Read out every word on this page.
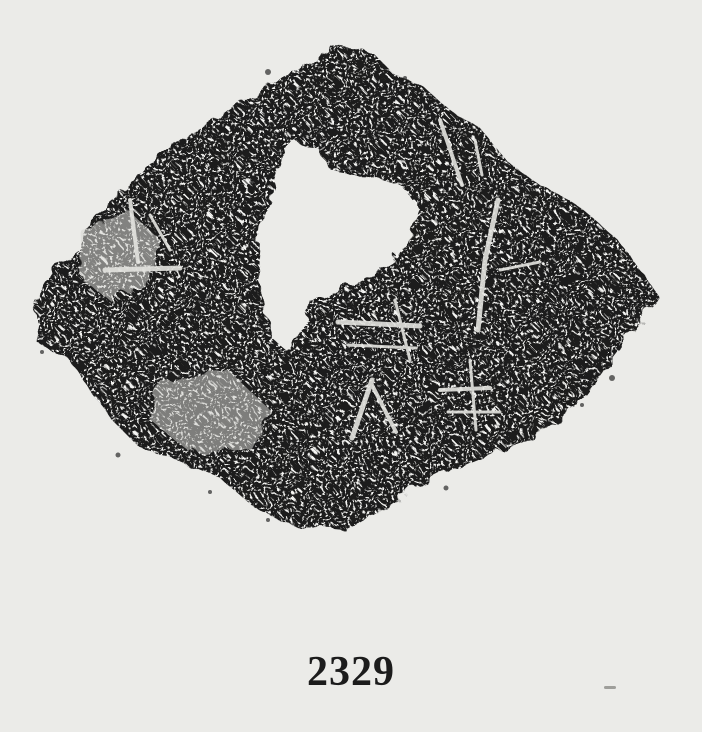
2329
